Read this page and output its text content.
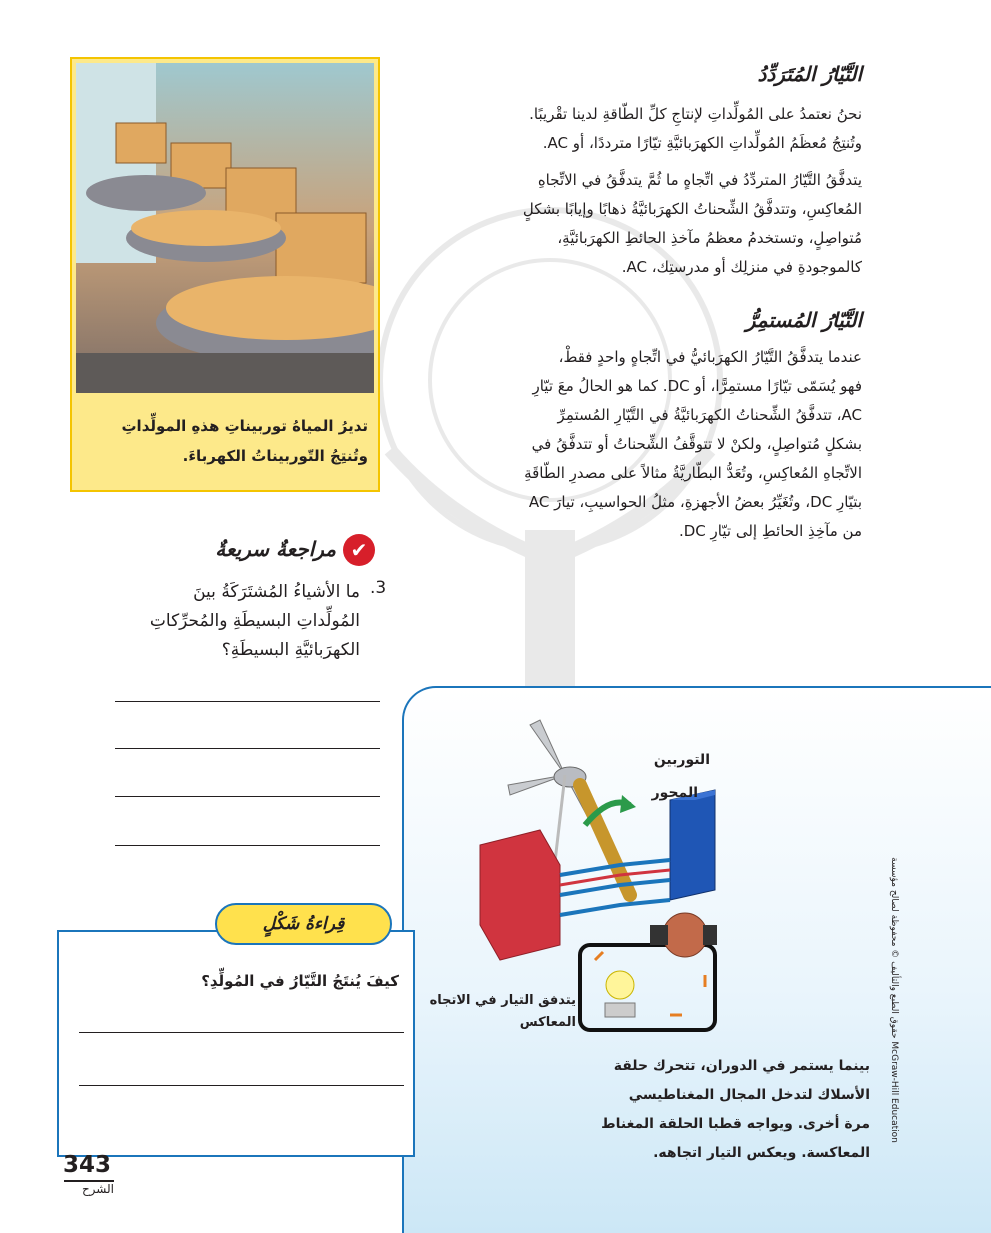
تديرُ المياهُ توربيناتِ هذهِ المولِّداتِ
وتُنتِجُ التّوربيناتُ الكهرباءَ.
التَّيّارُ المُتَرَدِّدُ
نحنُ نعتمدُ على المُولِّداتِ لإنتاجِ كلِّ الطّاقةِ لدينا تقْريبًا.
وتُنتِجُ مُعظَمُ المُولِّداتِ الكهرَبائيَّةِ تيّارًا مترددًا، أو AC.
يتدفَّقُ التَّيّارُ المتردِّدُ في اتِّجاهٍ ما ثُمَّ يتدفَّقُ في الاتِّجاهِ
المُعاكِسِ، وتتدفَّقُ الشِّحناتُ الكهرَبائيَّةُ ذهابًا وإيابًا بشكلٍ
مُتواصِلٍ، وتستخدمُ معظمُ مآخذِ الحائطِ الكهرَبائيَّةِ،
كالموجودةِ في منزلِك أو مدرستِك، AC.
التَّيّارُ المُستمِرُّ
عندما يتدفَّقُ التَّيّارُ الكهرَبائيُّ في اتِّجاهٍ واحدٍ فقطْ،
فهو يُسَمّى تيّارًا مستمِرًّا، أو DC. كما هو الحالُ معَ تيّارِ
AC، تتدفَّقُ الشِّحناتُ الكهرَبائيَّةُ في التَّيّارِ المُستمِرِّ
بشكلٍ مُتواصِلٍ، ولكنْ لا تتوقَّفُ الشِّحناتُ أو تتدفَّقُ في
الاتِّجاهِ المُعاكِسِ، وتُعَدُّ البطّاريَّةُ مثالاً على مصدرِ الطّاقَةِ
بتيّارِ DC، وتُغَيِّرُ بعضُ الأجهزةِ، مثلُ الحواسيبِ، تيارَ AC
من مآخِذِ الحائطِ إلى تيّارِ DC.
مراجعةٌ سريعةٌ ✔
3.
ما الأشياءُ المُشتَرَكَةُ بينَ
المُولِّداتِ البسيطَةِ والمُحرِّكاتِ
الكهرَبائيَّةِ البسيطَةِ؟
التوربين
المحور
يتدفق التيار في الاتجاه
المعاكس
بينما يستمر في الدوران، تتحرك حلقة
الأسلاك لتدخل المجال المغناطيسي
مرة أخرى. ويواجه قطبا الحلقة المغناط
المعاكسة. ويعكس التيار اتجاهه.
كيفَ يُنتَجُ التَّيّارُ في المُولِّدِ؟
قِراءةُ شَكْلٍ	حقوق الطبع والتأليف © محفوظة لصالح مؤسسة McGraw-Hill Education
343
الشرح
